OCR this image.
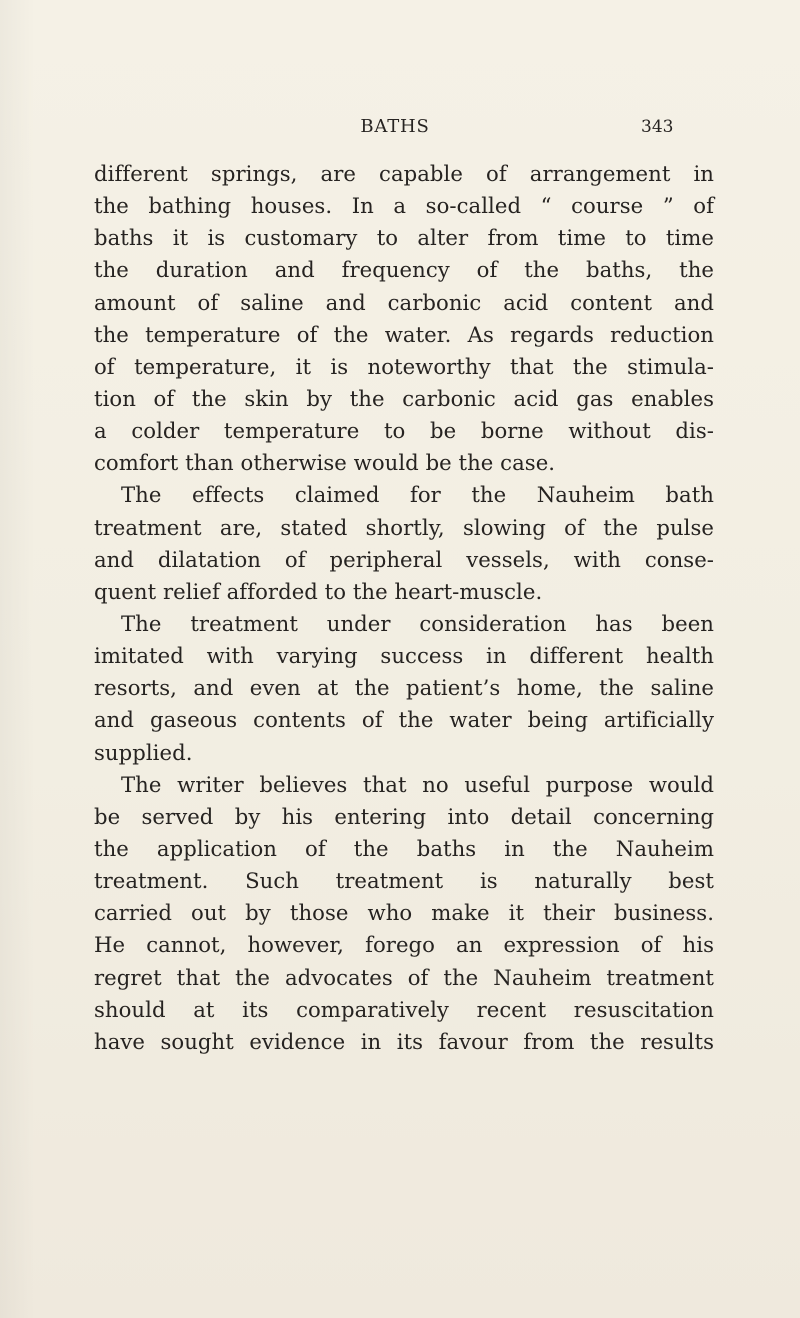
BATHS	343
different springs, are capable of arrangement in
the bathing houses. In a so-called “ course ” of
baths it is customary to alter from time to time
the duration and frequency of the baths, the
amount of saline and carbonic acid content and
the temperature of the water. As regards reduction
of temperature, it is noteworthy that the stimula-
tion of the skin by the carbonic acid gas enables
a colder temperature to be borne without dis-
comfort than otherwise would be the case.
The effects claimed for the Nauheim bath
treatment are, stated shortly, slowing of the pulse
and dilatation of peripheral vessels, with conse-
quent relief afforded to the heart-muscle.
The treatment under consideration has been
imitated with varying success in different health
resorts, and even at the patient’s home, the saline
and gaseous contents of the water being artificially
supplied.
The writer believes that no useful purpose would
be served by his entering into detail concerning
the application of the baths in the Nauheim
treatment. Such treatment is naturally best
carried out by those who make it their business.
He cannot, however, forego an expression of his
regret that the advocates of the Nauheim treatment
should at its comparatively recent resuscitation
have sought evidence in its favour from the results
